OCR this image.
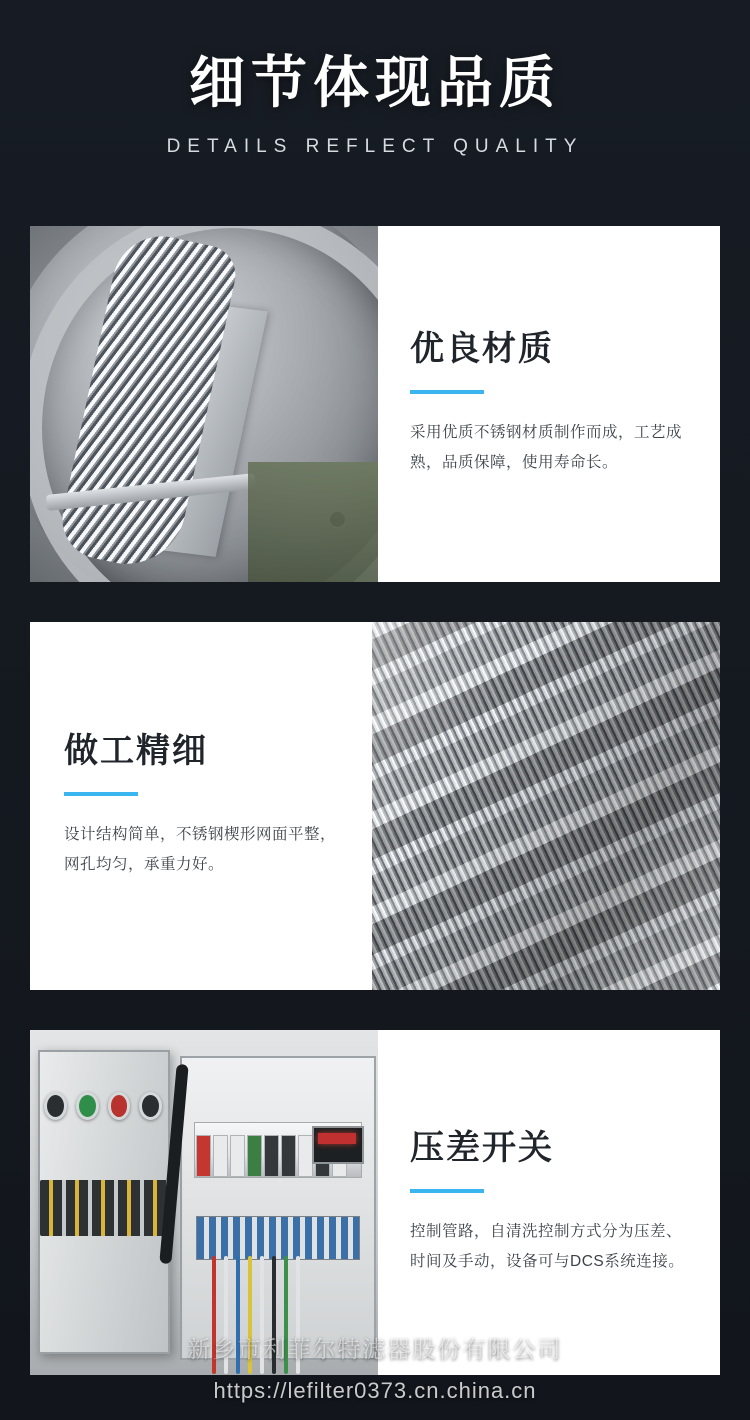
细节体现品质
DETAILS REFLECT QUALITY
优良材质
采用优质不锈钢材质制作而成，工艺成熟，品质保障，使用寿命长。
做工精细
设计结构简单，不锈钢楔形网面平整，网孔均匀，承重力好。
压差开关
控制管路，自清洗控制方式分为压差、时间及手动，设备可与DCS系统连接。
新乡市利菲尔特滤器股份有限公司
https://lefilter0373.cn.china.cn
